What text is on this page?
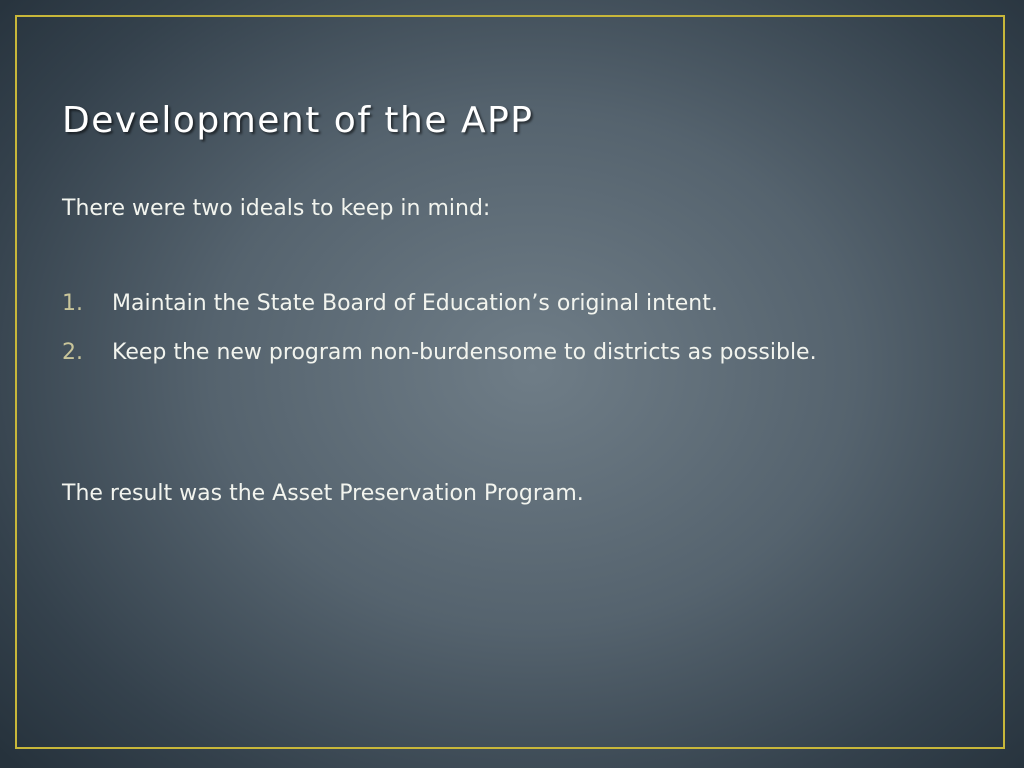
Development of the APP
There were two ideals to keep in mind:
1.	Maintain the State Board of Education’s original intent.
2.	Keep the new program non-burdensome to districts as possible.
The result was the Asset Preservation Program.
